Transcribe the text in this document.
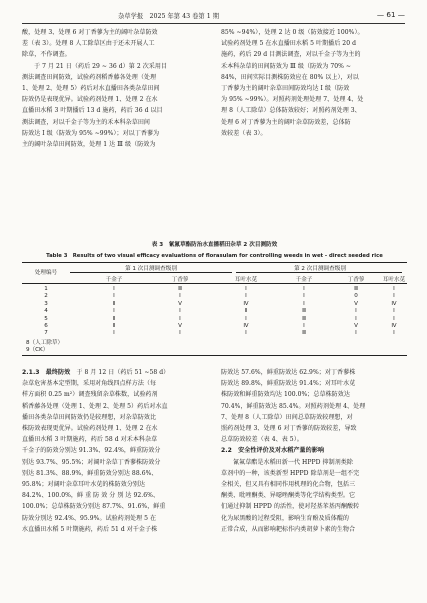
杂草学报　2025 年第 43 卷第 1 期	— 61 —

酸，处理 3、处理 6 对丁香蓼为主的阔叶杂草防效

差（表 3）。处理 8 人工除草区由于还未开展人工

除草，不作调查。

于 7 月 21 日（药后 29 ~ 36 d）第 2 次采用目

测法调查田间防效，试验药剂稻香藤各处理（处理

1、处理 2、处理 5）药后对水直播田各类杂草田间

防效仍是表现优异。试验药剂处理 1、处理 2 在水

直播田水稻 3 叶期播后 13 d 施药，药后 36 d 以目

测法调查，对以千金子等为主的禾本科杂草田间

防效达 I 级（防效为 95% ~99%）；对以丁香蓼为

主的阔叶杂草田间防效，处理 1 达 Ⅲ 级（防效为

85% ~94%），处理 2 达 0 级（防效接近 100%）。

试验药剂处理 5 在水直播田水稻 5 叶期播后 20 d

施药，药后 29 d 目测法调查，对以千金子等为主的

禾本科杂草的田间防效为 Ⅲ 级（防效为 70% ~

84%，田间实际目测株防效应在 80% 以上），对以

丁香蓼为主的阔叶杂草田间防效均达 I 级（防效

为 95% ~99%）。对照药剂处理处理 7、处理 4、处

理 8（人工除草）总体防效较好；对照药剂处理 3、

处理 6 对丁香蓼为主的阔叶杂草防效差，总体防

效较差（表 3）。

表 3　氰氟草酯防治水直播稻田杂草 2 次目测防效
Table 3　Results of two visual efficacy evaluations of florasulam for controlling weeds in wet - direct seeded rice
处理编号
第 1 次目测调查级别	第 2 次目测调查级别
千金子	丁香蓼	耳叶水苋	千金子	丁香蓼	耳叶水苋
1	I	Ⅲ	I	I	Ⅲ	I
2	I	I	I	I	0	I
3	Ⅱ	V	Ⅳ	I	V	Ⅳ
4	I	I	Ⅱ	Ⅲ	I	I
5	Ⅱ	I	I	Ⅲ	I	I
6	Ⅱ	V	Ⅳ	I	V	Ⅳ
7	I	I	I	Ⅲ	I	I
8（人工除草）
9（CK）

2.1.3　最终防效　于 8 月 12 日（药后 51 ~58 d）

杂草危害基本定型期，采用对角线四点样方法（每

样方面积 0.25 m²）调查残留杂草株数，试验药剂

稻香藤各处理（处理 1、处理 2、处理 5）药后对水直

播田各类杂草田间防效仍是较理想，对杂草防效比

株防效表现更优异。试验药剂处理 1、处理 2 在水

直播田水稻 3 叶期施药，药后 58 d 对禾本科杂草

千金子的防效分别达 91.3%、92.4%，鲜重防效分

别达 93.7%、95.5%；对阔叶杂草丁香蓼株防效分

别达 81.3%、88.9%，鲜重防效分别达 88.6%、

95.8%；对阔叶杂草耳叶水苋的株防效分别达

84.2%、100.0%，鲜 重 防 效 分 别 达 92.6%、

100.0%；总草株防效分别达 87.7%、91.6%，鲜重

防效分别达 92.4%、95.9%。试验药剂处理 5 在

水直播田水稻 5 叶期施药，药后 51 d 对千金子株

防效达 57.6%，鲜重防效达 62.9%；对丁香蓼株

防效达 89.8%，鲜重防效达 91.4%；对耳叶水苋

株防效和鲜重防效均达 100.0%；总草株防效达

70.4%，鲜重防效达 85.4%。对照药剂处理 4、处理

7、处理 8（人工除草）田间总草防效较理想，对

照药剂处理 3、处理 6 对丁香蓼的防效较差，导致

总草防效较差（表 4、表 5）。

2.2　安全性评价及对水稻产量的影响

氰氟草酯是水稻田新一代 HPPD 抑制剂类除

草剂中的一种，该类新型 HPPD 除草剂是一组不完

全相关，但又具有相同作用机理的化合物，包括三

酮类、吡唑酮类、异噁唑酮类等化学结构类型。它

们通过抑制 HPPD 的活性，使对羟基苯基丙酮酸转

化为尿黑酸的过程受阻，影响生育酚及质体醌的

正常合成，从而影响耙标作内类胡萝卜素的生物合
